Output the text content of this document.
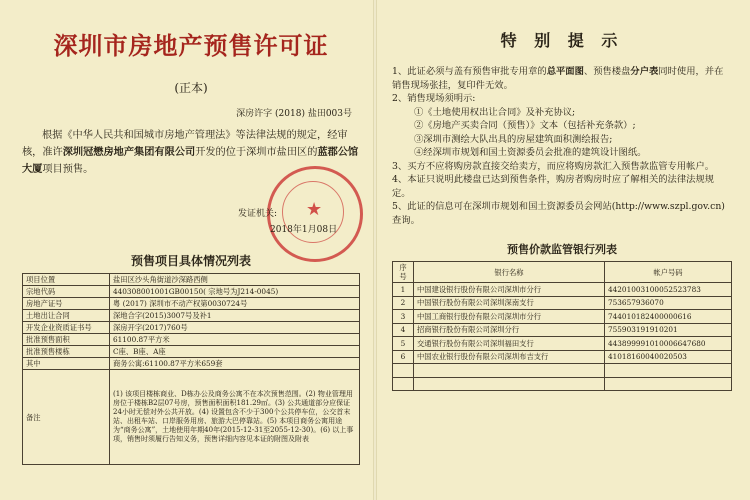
深圳市房地产预售许可证
(正本)
深房许字 (2018) 盐田003号
根据《中华人民共和国城市房地产管理法》等法律法规的规定，经审核，准许深圳冠懋房地产集团有限公司开发的位于深圳市盐田区的蓝郡公馆大厦项目预售。
★
发证机关:
2018年1月08日
预售项目具体情况列表
项目位置	盐田区沙头角街道沙深路西侧
宗地代码	440308001001GB00150( 宗地号为J214-0045)
房地产证号	粤 (2017) 深圳市不动产权第0030724号
土地出让合同	深地合字(2015)3007号及补1
开发企业资质证书号	深房开字(2017)760号
批准预售面积	61100.87平方米
批准预售楼栋	C座、B座、A座
其中	商务公寓:61100.87平方米659套
备注	(1) 该项目楼栋商业、D栋办公及商务公寓不在本次预售范围。(2) 物业管理用房位于楼栋B2层07号房，预售面积面积181.29㎡。(3) 公共通道部分应保证24小时无偿对外公共开放。(4) 设置包含不少于300个公共停车位，公交首末站、出租车站、口岸服务用房、旅游大巴停靠站。(5) 本项目商务公寓用途为“商务公寓”，土地使用年期40年(2015-12-31至2055-12-30)。(6) 以上事项，销售时须履行告知义务，预售详细内容见本证的附图及附表
特 别 提 示
1、此证必须与盖有预售审批专用章的总平面图、预售楼盘分户表同时使用，并在销售现场张挂，复印件无效。
2、销售现场须明示:
①《土地使用权出让合同》及补充协议;
②《房地产买卖合同（预售）》文本（包括补充条款）;
③深圳市测绘大队出具的房屋建筑面积测绘报告;
④经深圳市规划和国土资源委员会批准的建筑设计图纸。
3、买方不应将购房款直接交给卖方，而应将购房款汇入预售款监管专用帐户。
4、本证只说明此楼盘已达到预售条件，购房者购房时应了解相关的法律法规规定。
5、此证的信息可在深圳市规划和国土资源委员会网站(http://www.szpl.gov.cn)查询。
预售价款监管银行列表
序号	银行名称	帐户号码
1	中国建设银行股份有限公司深圳市分行	44201003100052523783
2	中国银行股份有限公司深圳深南支行	753657936070
3	中国工商银行股份有限公司深圳市分行	744010182400000616
4	招商银行股份有限公司深圳分行	755903191910201
5	交通银行股份有限公司深圳福田支行	443899991010006647680
6	中国农业银行股份有限公司深圳布吉支行	41018160040020503
